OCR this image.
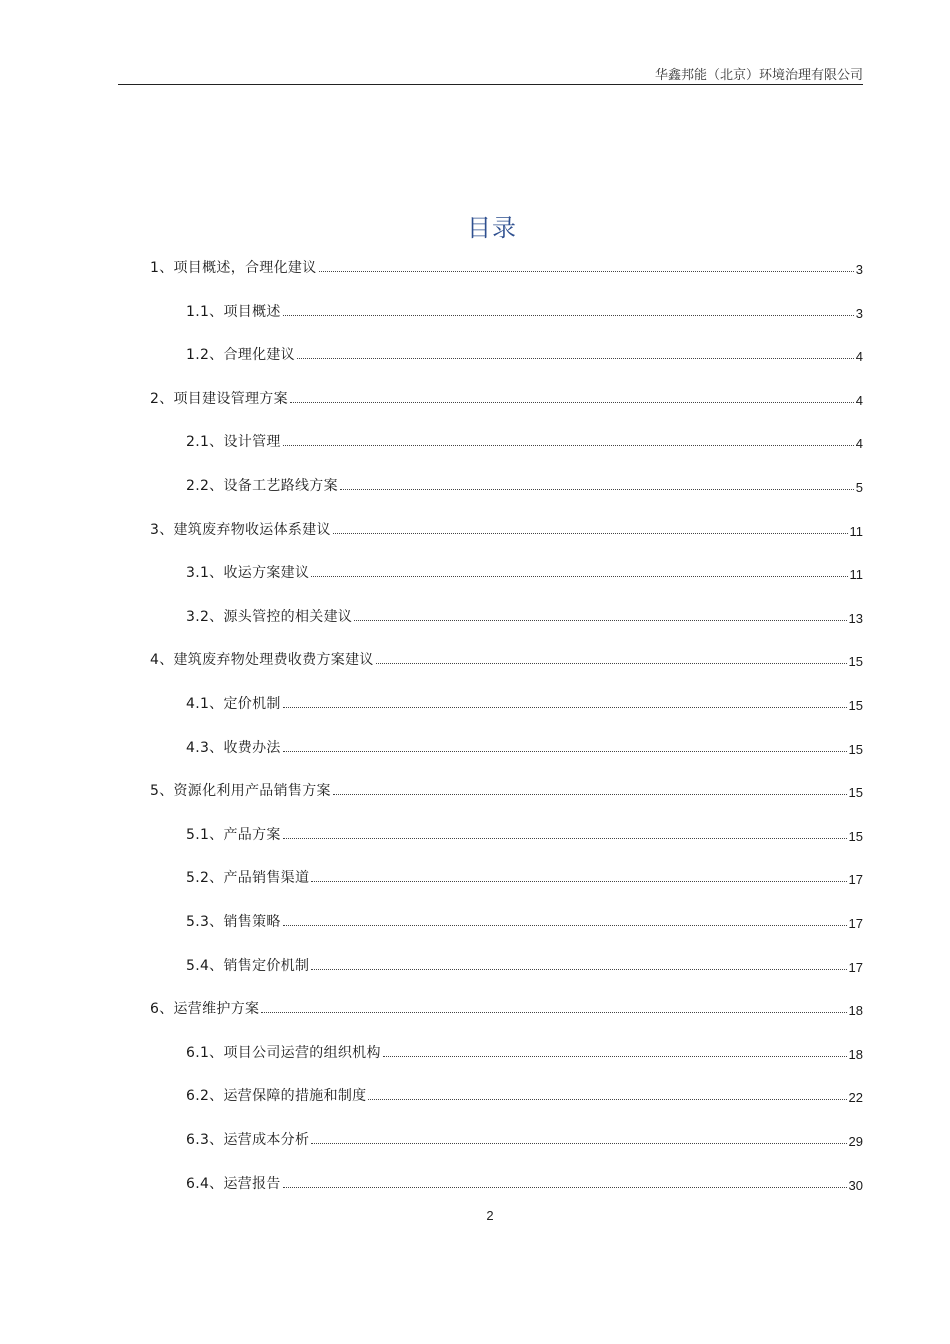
华鑫邦能（北京）环境治理有限公司
目录
1、项目概述，合理化建议	3
1.1、项目概述	3
1.2、合理化建议	4
2、项目建设管理方案	4
2.1、设计管理	4
2.2、设备工艺路线方案	5
3、建筑废弃物收运体系建议	11
3.1、收运方案建议	11
3.2、源头管控的相关建议	13
4、建筑废弃物处理费收费方案建议	15
4.1、定价机制	15
4.3、收费办法	15
5、资源化利用产品销售方案	15
5.1、产品方案	15
5.2、产品销售渠道	17
5.3、销售策略	17
5.4、销售定价机制	17
6、运营维护方案	18
6.1、项目公司运营的组织机构	18
6.2、运营保障的措施和制度	22
6.3、运营成本分析	29
6.4、运营报告	30
2
